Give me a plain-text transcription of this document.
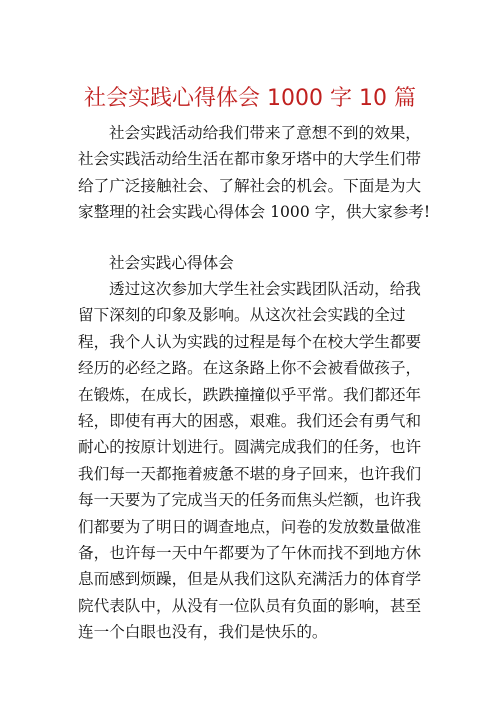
社会实践心得体会 1000 字 10 篇
社会实践活动给我们带来了意想不到的效果，
社会实践活动给生活在都市象牙塔中的大学生们带
给了广泛接触社会、了解社会的机会。下面是为大
家整理的社会实践心得体会 1000 字，供大家参考!

社会实践心得体会

透过这次参加大学生社会实践团队活动，给我
留下深刻的印象及影响。从这次社会实践的全过
程，我个人认为实践的过程是每个在校大学生都要
经历的必经之路。在这条路上你不会被看做孩子，
在锻炼，在成长，跌跌撞撞似乎平常。我们都还年
轻，即使有再大的困惑，艰难。我们还会有勇气和
耐心的按原计划进行。圆满完成我们的任务，也许
我们每一天都拖着疲惫不堪的身子回来，也许我们
每一天要为了完成当天的任务而焦头烂额，也许我
们都要为了明日的调查地点，问卷的发放数量做准
备，也许每一天中午都要为了午休而找不到地方休
息而感到烦躁，但是从我们这队充满活力的体育学
院代表队中，从没有一位队员有负面的影响，甚至
连一个白眼也没有，我们是快乐的。
